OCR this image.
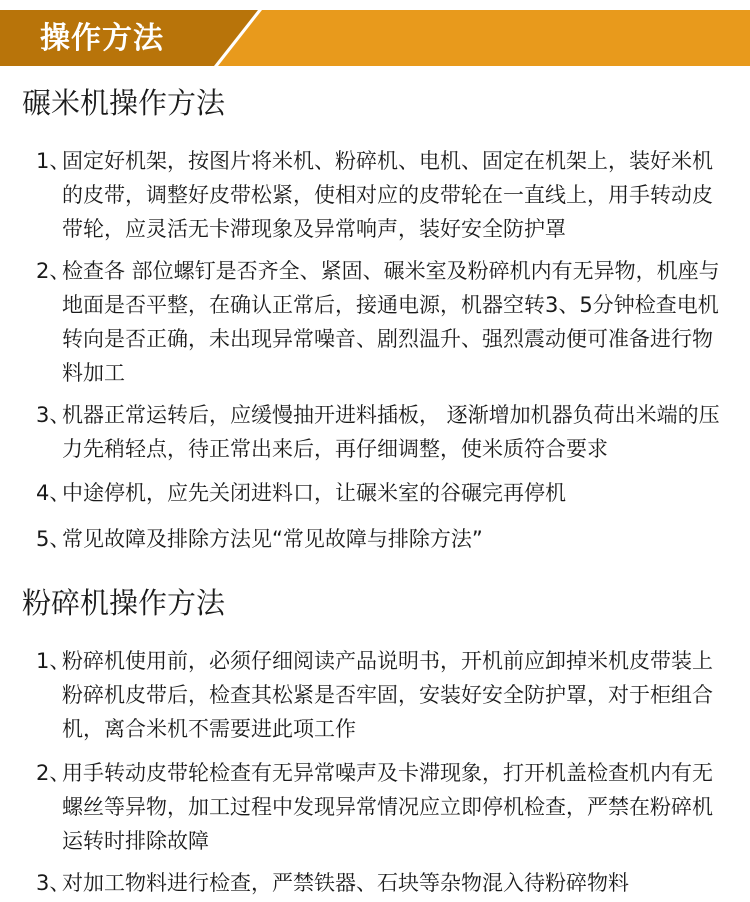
操作方法
碾米机操作方法
1、
固定好机架，按图片将米机、粉碎机、电机、固定在机架上，装好米机的皮带，调整好皮带松紧，使相对应的皮带轮在一直线上，用手转动皮带轮，应灵活无卡滞现象及异常响声，装好安全防护罩
2、
检查各 部位螺钉是否齐全、紧固、碾米室及粉碎机内有无异物，机座与地面是否平整，在确认正常后，接通电源，机器空转3、5分钟检查电机转向是否正确，未出现异常噪音、剧烈温升、强烈震动便可准备进行物料加工
3、
机器正常运转后，应缓慢抽开进料插板， 逐渐增加机器负荷出米端的压力先稍轻点，待正常出来后，再仔细调整，使米质符合要求
4、
中途停机，应先关闭进料口，让碾米室的谷碾完再停机
5、
常见故障及排除方法见“常见故障与排除方法”
粉碎机操作方法
1、
粉碎机使用前，必须仔细阅读产品说明书，开机前应卸掉米机皮带装上粉碎机皮带后，检查其松紧是否牢固，安装好安全防护罩，对于柜组合机，离合米机不需要进此项工作
2、
用手转动皮带轮检查有无异常噪声及卡滞现象，打开机盖检查机内有无螺丝等异物，加工过程中发现异常情况应立即停机检查，严禁在粉碎机运转时排除故障
3、
对加工物料进行检查，严禁铁器、石块等杂物混入待粉碎物料
